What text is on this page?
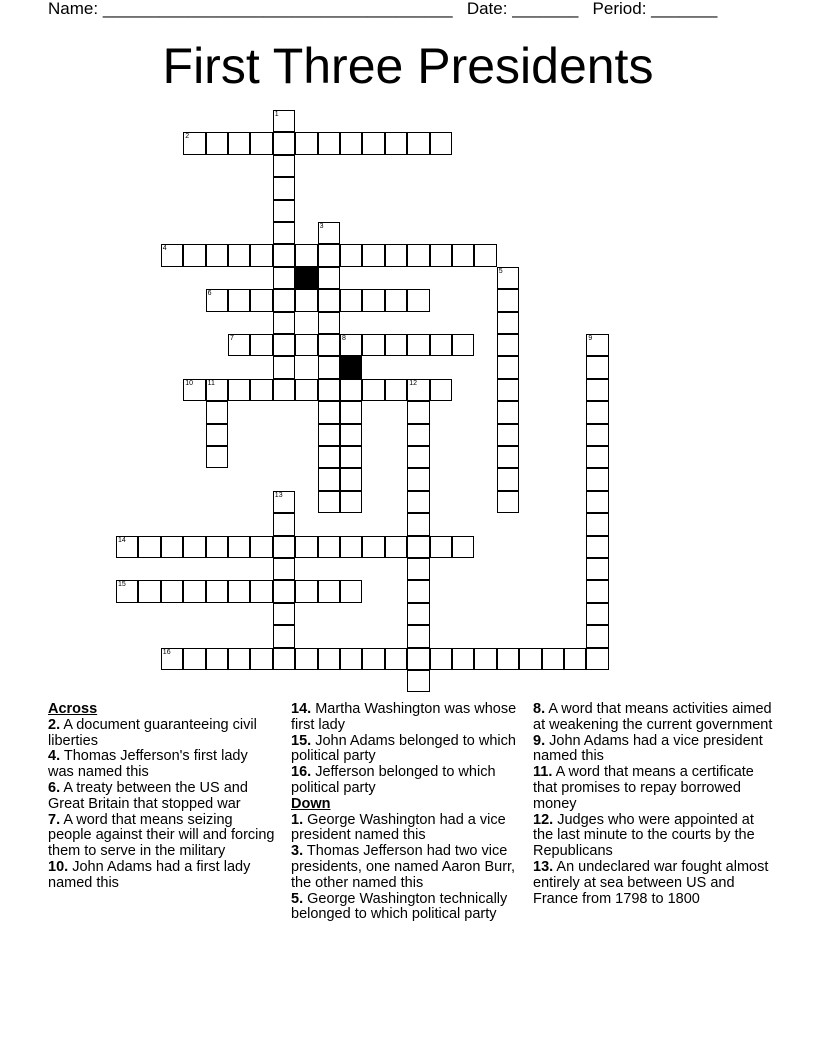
Name: _____________________________________ Date: _______ Period: _______
First Three Presidents
1
2
3
4
5
6
7	8	9
10 11	12
13
14
15
16
Across

2. A document guaranteeing civil liberties

4. Thomas Jefferson's first lady was named this

6. A treaty between the US and Great Britain that stopped war

7. A word that means seizing people against their will and forcing them to serve in the military

10. John Adams had a first lady named this

14. Martha Washington was whose first lady

15. John Adams belonged to which political party

16. Jefferson belonged to which political party

Down

1. George Washington had a vice president named this

3. Thomas Jefferson had two vice presidents, one named Aaron Burr, the other named this

5. George Washington technically belonged to which political party

8. A word that means activities aimed at weakening the current government

9. John Adams had a vice president named this

11. A word that means a certificate that promises to repay borrowed money

12. Judges who were appointed at the last minute to the courts by the Republicans

13. An undeclared war fought almost entirely at sea between US and France from 1798 to 1800
